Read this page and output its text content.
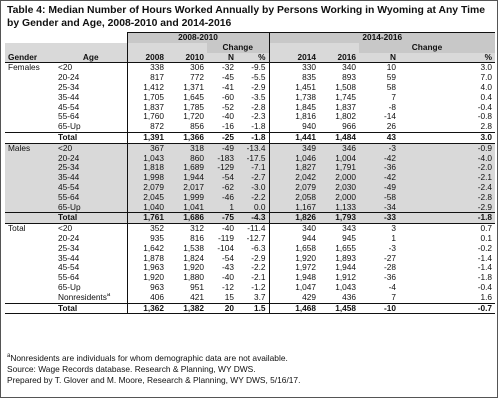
Table 4: Median Number of Hours Worked Annually by Persons Working in Wyoming at Any Time by Gender and Age, 2008-2010 and 2014-2016
		2008-2010				2014-2016			
				Change				Change	
Gender	Age	2008	2010	N	%	2014	2016	N	%
Females	<20	338	306	-32	-9.5	330	340	10	3.0
	20-24	817	772	-45	-5.5	835	893	59	7.0
	25-34	1,412	1,371	-41	-2.9	1,451	1,508	58	4.0
	35-44	1,705	1,645	-60	-3.5	1,738	1,745	7	0.4
	45-54	1,837	1,785	-52	-2.8	1,845	1,837	-8	-0.4
	55-64	1,760	1,720	-40	-2.3	1,816	1,802	-14	-0.8
	65-Up	872	856	-16	-1.8	940	966	26	2.8
	Total	1,391	1,366	-25	-1.8	1,441	1,484	43	3.0
Males	<20	367	318	-49	-13.4	349	346	-3	-0.9
	20-24	1,043	860	-183	-17.5	1,046	1,004	-42	-4.0
	25-34	1,818	1,689	-129	-7.1	1,827	1,791	-36	-2.0
	35-44	1,998	1,944	-54	-2.7	2,042	2,000	-42	-2.1
	45-54	2,079	2,017	-62	-3.0	2,079	2,030	-49	-2.4
	55-64	2,045	1,999	-46	-2.2	2,058	2,000	-58	-2.8
	65-Up	1,040	1,041	1	0.0	1,167	1,133	-34	-2.9
	Total	1,761	1,686	-75	-4.3	1,826	1,793	-33	-1.8
Total	<20	352	312	-40	-11.4	340	343	3	0.7
	20-24	935	816	-119	-12.7	944	945	1	0.1
	25-34	1,642	1,538	-104	-6.3	1,658	1,655	-3	-0.2
	35-44	1,878	1,824	-54	-2.9	1,920	1,893	-27	-1.4
	45-54	1,963	1,920	-43	-2.2	1,972	1,944	-28	-1.4
	55-64	1,920	1,880	-40	-2.1	1,948	1,912	-36	-1.8
	65-Up	963	951	-12	-1.2	1,047	1,043	-4	-0.4
	Nonresidents$^a$	406	421	15	3.7	429	436	7	1.6
	Total	1,362	1,382	20	1.5	1,468	1,458	-10	-0.7
$^a$Nonresidents are individuals for whom demographic data are not available.
Source: Wage Records database. Research & Planning, WY DWS.
Prepared by T. Glover and M. Moore, Research & Planning, WY DWS, 5/16/17.
